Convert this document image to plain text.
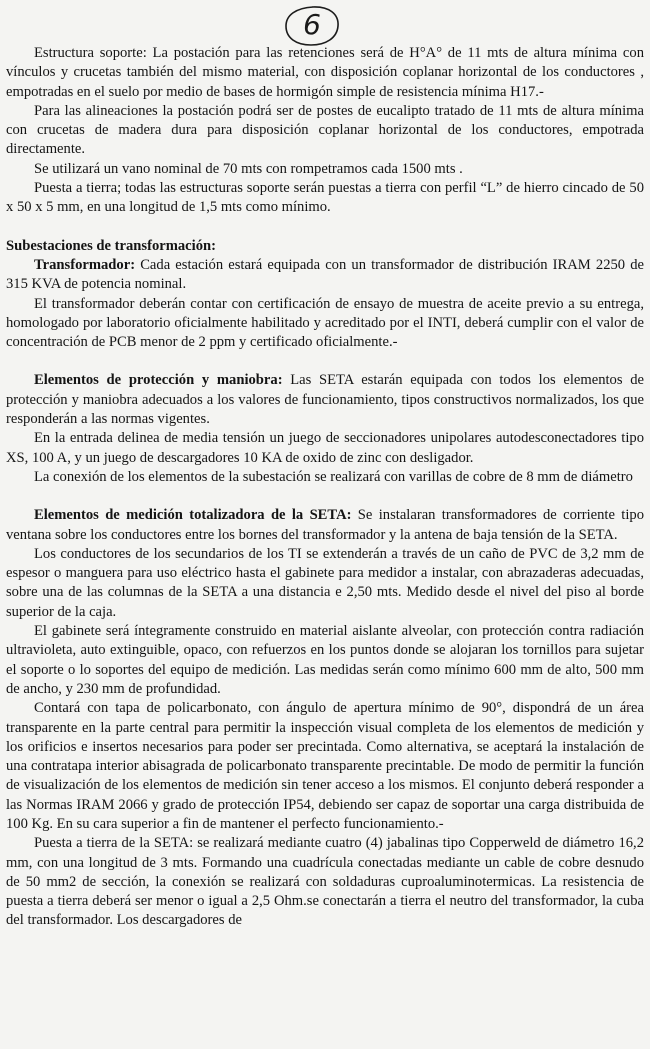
6

Estructura soporte: La postación para las retenciones será de H°A° de 11 mts de altura mínima con vínculos y crucetas también del mismo material, con disposición coplanar horizontal de los conductores , empotradas en el suelo por medio de bases de hormigón simple de resistencia mínima H17.-

Para las alineaciones la postación podrá ser de postes de eucalipto tratado de 11 mts de altura mínima con crucetas de madera dura para disposición coplanar horizontal de los conductores, empotrada directamente.

Se utilizará un vano nominal de 70 mts con rompetramos cada 1500 mts .

Puesta a tierra; todas las estructuras soporte serán puestas a tierra con perfil “L” de hierro cincado de 50 x 50 x 5 mm, en una longitud de 1,5 mts como mínimo.

Subestaciones de transformación:

Transformador: Cada estación estará equipada con un transformador de distribución IRAM 2250 de 315 KVA de potencia nominal.

El transformador deberán contar con certificación de ensayo de muestra de aceite previo a su entrega, homologado por laboratorio oficialmente habilitado y acreditado por el INTI, deberá cumplir con el valor de concentración de PCB menor de 2 ppm y certificado oficialmente.-

Elementos de protección y maniobra: Las SETA estarán equipada con todos los elementos de protección y maniobra adecuados a los valores de funcionamiento, tipos constructivos normalizados, los que responderán a las normas vigentes.

En la entrada delinea de media tensión un juego de seccionadores unipolares autodesconectadores tipo XS, 100 A, y un juego de descargadores 10 KA de oxido de zinc con desligador.

La conexión de los elementos de la subestación se realizará con varillas de cobre de 8 mm de diámetro

Elementos de medición totalizadora de la SETA: Se instalaran transformadores de corriente tipo ventana sobre los conductores entre los bornes del transformador y la antena de baja tensión de la SETA.

Los conductores de los secundarios de los TI se extenderán a través de un caño de PVC de 3,2 mm de espesor o manguera para uso eléctrico hasta el gabinete para medidor a instalar, con abrazaderas adecuadas, sobre una de las columnas de la SETA a una distancia e 2,50 mts. Medido desde el nivel del piso al borde superior de la caja.

El gabinete será íntegramente construido en material aislante alveolar, con protección contra radiación ultravioleta, auto extinguible, opaco, con refuerzos en los puntos donde se alojaran los tornillos para sujetar el soporte o lo soportes del equipo de medición. Las medidas serán como mínimo 600 mm de alto, 500 mm de ancho, y 230 mm de profundidad.

Contará con tapa de policarbonato, con ángulo de apertura mínimo de 90°, dispondrá de un área transparente en la parte central para permitir la inspección visual completa de los elementos de medición y los orificios e insertos necesarios para poder ser precintada. Como alternativa, se aceptará la instalación de una contratapa interior abisagrada de policarbonato transparente precintable. De modo de permitir la función de visualización de los elementos de medición sin tener acceso a los mismos. El conjunto deberá responder a las Normas IRAM 2066 y grado de protección IP54, debiendo ser capaz de soportar una carga distribuida de 100 Kg. En su cara superior a fin de mantener el perfecto funcionamiento.-

Puesta a tierra de la SETA: se realizará mediante cuatro (4) jabalinas tipo Copperweld de diámetro 16,2 mm, con una longitud de 3 mts. Formando una cuadrícula conectadas mediante un cable de cobre desnudo de 50 mm2 de sección, la conexión se realizará con soldaduras cuproaluminotermicas. La resistencia de puesta a tierra deberá ser menor o igual a 2,5 Ohm.se conectarán a tierra el neutro del transformador, la cuba del transformador. Los descargadores de
